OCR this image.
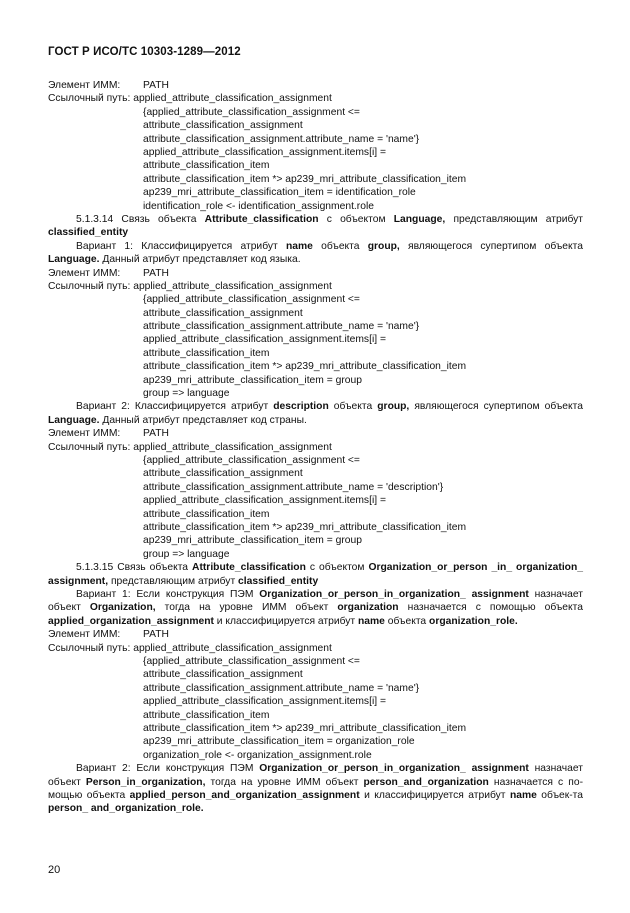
ГОСТ Р ИСО/ТС 10303-1289—2012
Элемент ИММ: PATH
Ссылочный путь: applied_attribute_classification_assignment
{applied_attribute_classification_assignment <=
attribute_classification_assignment
attribute_classification_assignment.attribute_name = 'name'}
applied_attribute_classification_assignment.items[i] =
attribute_classification_item
attribute_classification_item *> ap239_mri_attribute_classification_item
ap239_mri_attribute_classification_item = identification_role
identification_role <- identification_assignment.role
5.1.3.14 Связь объекта Attribute_classification с объектом Language, представляющим атрибут classified_entity
Вариант 1: Классифицируется атрибут name объекта group, являющегося супертипом объекта Language. Данный атрибут представляет код языка.
Элемент ИММ: PATH
Ссылочный путь: applied_attribute_classification_assignment
{applied_attribute_classification_assignment <=
attribute_classification_assignment
attribute_classification_assignment.attribute_name = 'name'}
applied_attribute_classification_assignment.items[i] =
attribute_classification_item
attribute_classification_item *> ap239_mri_attribute_classification_item
ap239_mri_attribute_classification_item = group
group => language
Вариант 2: Классифицируется атрибут description объекта group, являющегося супертипом объекта Language. Данный атрибут представляет код страны.
Элемент ИММ: PATH
Ссылочный путь: applied_attribute_classification_assignment
{applied_attribute_classification_assignment <=
attribute_classification_assignment
attribute_classification_assignment.attribute_name = 'description'}
applied_attribute_classification_assignment.items[i] =
attribute_classification_item
attribute_classification_item *> ap239_mri_attribute_classification_item
ap239_mri_attribute_classification_item = group
group => language
5.1.3.15 Связь объекта Attribute_classification с объектом Organization_or_person _in_ organization_ assignment, представляющим атрибут classified_entity
Вариант 1: Если конструкция ПЭМ Organization_or_person_in_organization_ assignment назначает объект Organization, тогда на уровне ИММ объект organization назначается с помощью объекта applied_organization_assignment и классифицируется атрибут name объекта organization_role.
Элемент ИММ: PATH
Ссылочный путь: applied_attribute_classification_assignment
{applied_attribute_classification_assignment <=
attribute_classification_assignment
attribute_classification_assignment.attribute_name = 'name'}
applied_attribute_classification_assignment.items[i] =
attribute_classification_item
attribute_classification_item *> ap239_mri_attribute_classification_item
ap239_mri_attribute_classification_item = organization_role
organization_role <- organization_assignment.role
Вариант 2: Если конструкция ПЭМ Organization_or_person_in_organization_ assignment назначает объект Person_in_organization, тогда на уровне ИММ объект person_and_organization назначается с по-мощью объекта applied_person_and_organization_assignment и классифицируется атрибут name объек-та person_ and_organization_role.
20
